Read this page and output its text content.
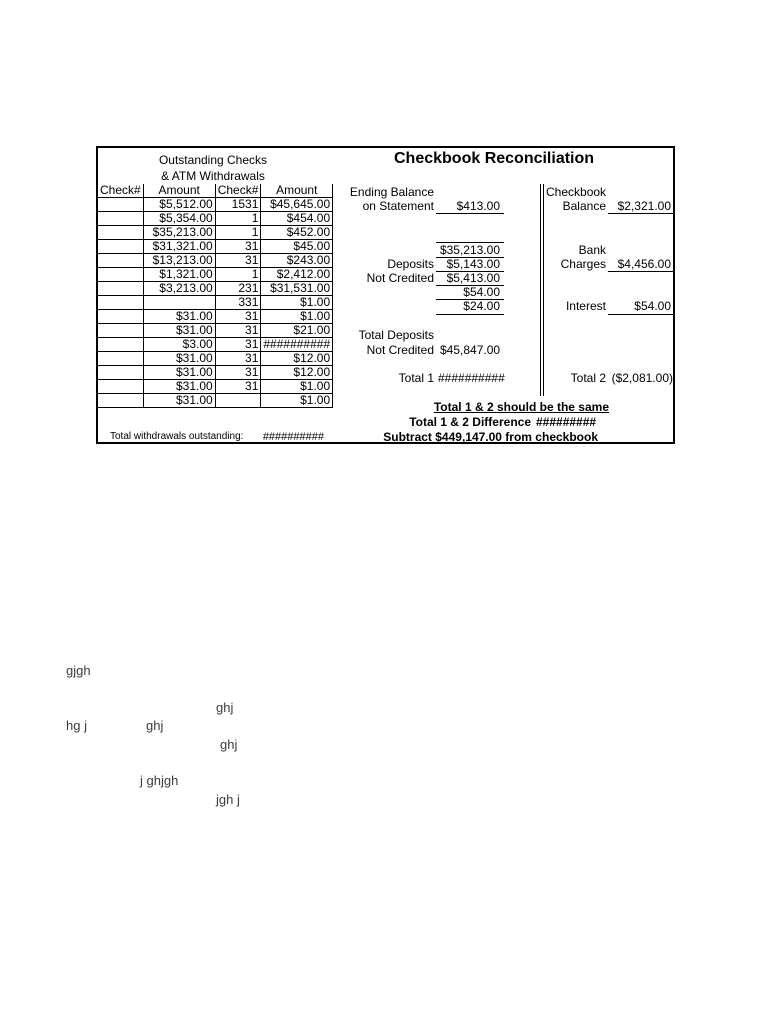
Outstanding Checks
& ATM Withdrawals
Checkbook Reconciliation
Check#	Amount	Check#	Amount
	$5,512.00	1531	$45,645.00
	$5,354.00	1	$454.00
	$35,213.00	1	$452.00
	$31,321.00	31	$45.00
	$13,213.00	31	$243.00
	$1,321.00	1	$2,412.00
	$3,213.00	231	$31,531.00
		331	$1.00
	$31.00	31	$1.00
	$31.00	31	$21.00
	$3.00	31	##########
	$31.00	31	$12.00
	$31.00	31	$12.00
	$31.00	31	$1.00
	$31.00		$1.00
Total withdrawals outstanding:	##########
Ending Balance
on Statement	$413.00
$35,213.00
Deposits	$5,143.00
Not Credited	$5,413.00
$54.00
$24.00
Total Deposits
Not Credited $45,847.00
Total 1 ##########
Checkbook
Balance $2,321.00
Bank
Charges $4,456.00
Interest	$54.00
Total 2 ($2,081.00)
Total 1 & 2 should be the same
Total 1 & 2 Difference #########
Subtract $449,147.00 from checkbook
gjgh
ghj
hg j	ghj
ghj
j ghjgh
jgh j
